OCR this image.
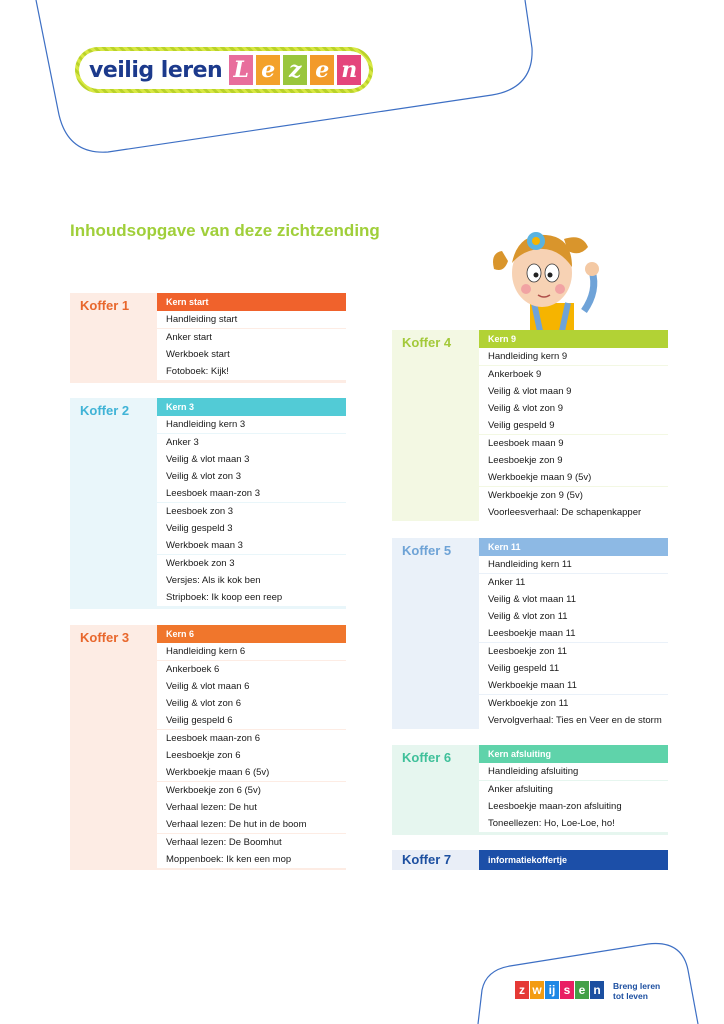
veilig leren L e z e n
Inhoudsopgave van deze zichtzending
Koffer 1	Kern start
Handleiding start
Anker start
Werkboek start
Fotoboek: Kijk!
Koffer 2	Kern 3
Handleiding kern 3
Anker 3
Veilig & vlot maan 3
Veilig & vlot zon 3
Leesboek maan-zon 3
Leesboek zon 3
Veilig gespeld 3
Werkboek maan 3
Werkboek zon 3
Versjes: Als ik kok ben
Stripboek: Ik koop een reep
Koffer 3	Kern 6
Handleiding kern 6
Ankerboek 6
Veilig & vlot maan 6
Veilig & vlot zon 6
Veilig gespeld 6
Leesboek maan-zon 6
Leesboekje zon 6
Werkboekje maan 6 (5v)
Werkboekje zon 6 (5v)
Verhaal lezen: De hut
Verhaal lezen: De hut in de boom
Verhaal lezen: De Boomhut
Moppenboek: Ik ken een mop
Koffer 4	Kern 9
Handleiding kern 9
Ankerboek 9
Veilig & vlot maan 9
Veilig & vlot zon 9
Veilig gespeld 9
Leesboek maan 9
Leesboekje zon 9
Werkboekje maan 9 (5v)
Werkboekje zon 9 (5v)
Voorleesverhaal: De schapenkapper
Koffer 5	Kern 11
Handleiding kern 11
Anker 11
Veilig & vlot maan 11
Veilig & vlot zon 11
Leesboekje maan 11
Leesboekje zon 11
Veilig gespeld 11
Werkboekje maan 11
Werkboekje zon 11
Vervolgverhaal: Ties en Veer en de storm
Koffer 6	Kern afsluiting
Handleiding afsluiting
Anker afsluiting
Leesboekje maan-zon afsluiting
Toneellezen: Ho, Loe-Loe, ho!
Koffer 7	informatiekoffertje
z w ij s e n	Breng leren
tot leven
